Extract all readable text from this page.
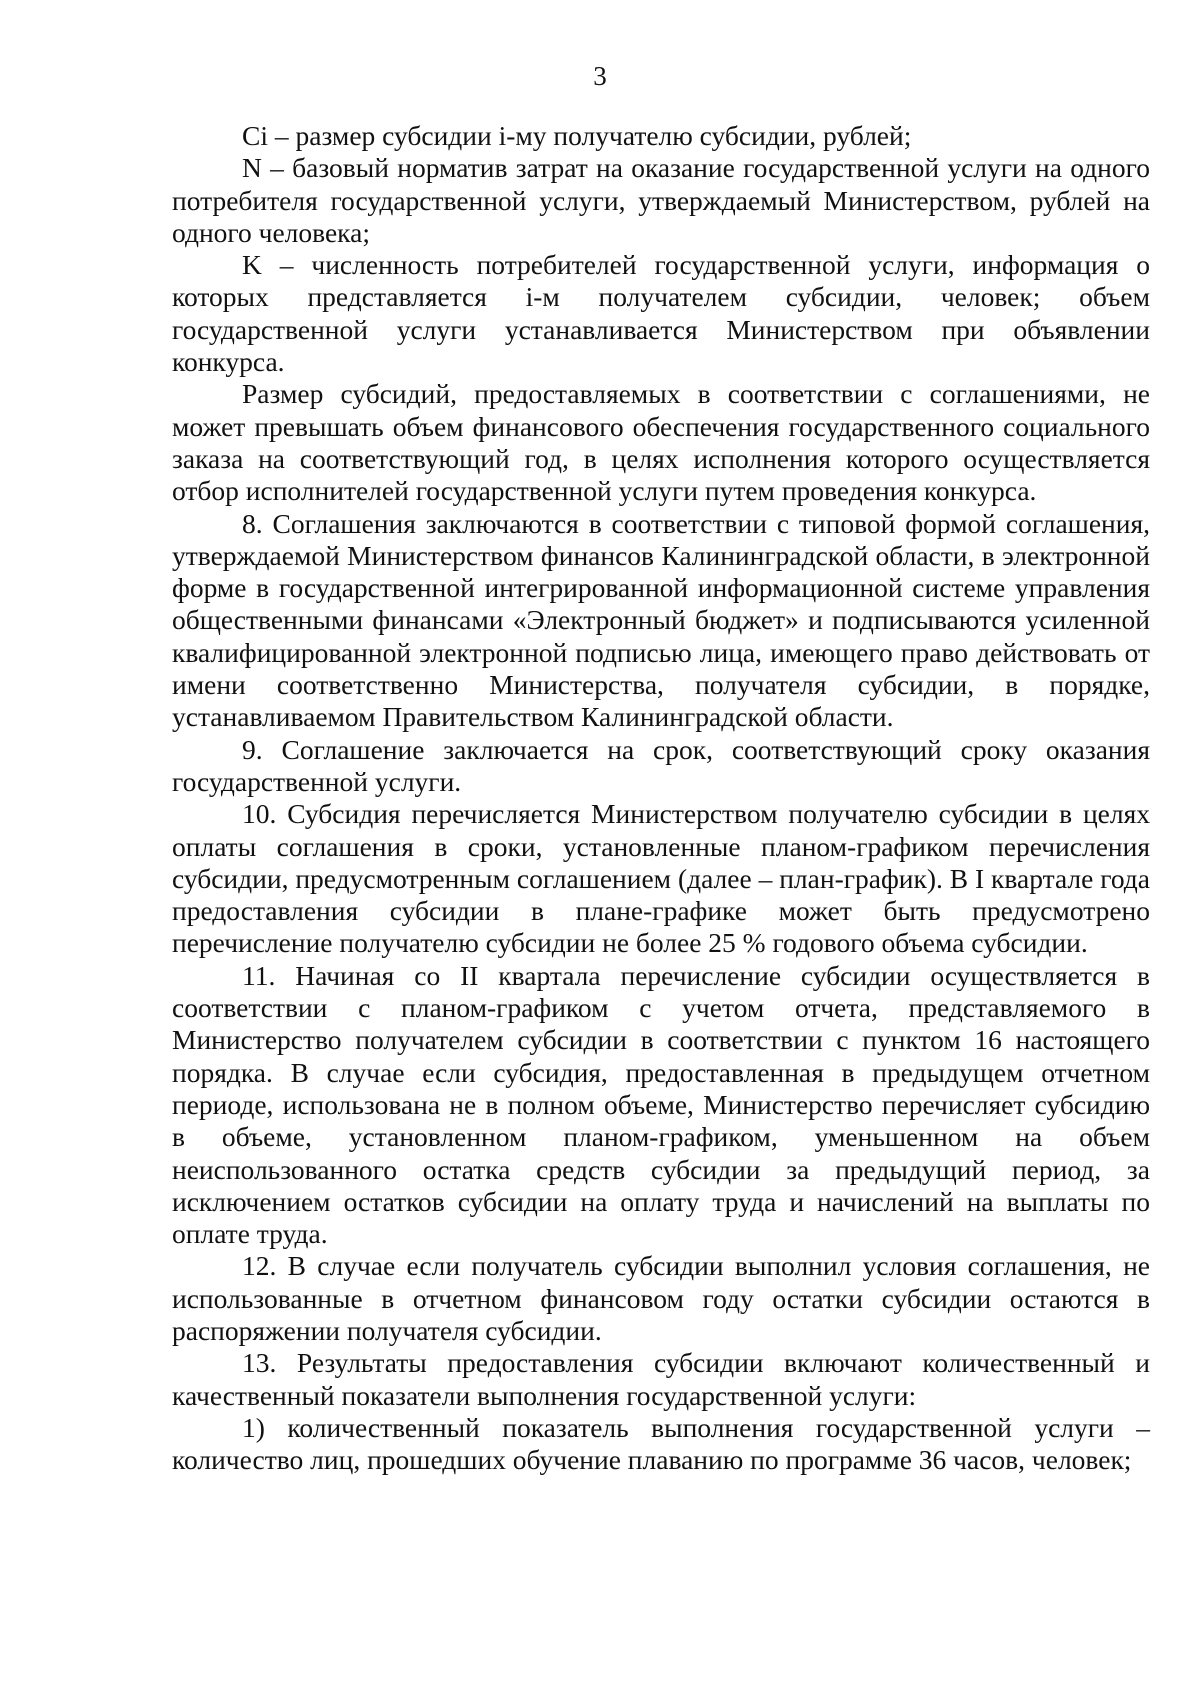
3

Ci – размер субсидии i-му получателю субсидии, рублей;

N – базовый норматив затрат на оказание государственной услуги на одного потребителя государственной услуги, утверждаемый Министерством, рублей на одного человека;

K – численность потребителей государственной услуги, информация о которых представляется i-м получателем субсидии, человек; объем государственной услуги устанавливается Министерством при объявлении конкурса.

Размер субсидий, предоставляемых в соответствии с соглашениями, не может превышать объем финансового обеспечения государственного социального заказа на соответствующий год, в целях исполнения которого осуществляется отбор исполнителей государственной услуги путем проведения конкурса.

8. Соглашения заключаются в соответствии с типовой формой соглашения, утверждаемой Министерством финансов Калининградской области, в электронной форме в государственной интегрированной информационной системе управления общественными финансами «Электронный бюджет» и подписываются усиленной квалифицированной электронной подписью лица, имеющего право действовать от имени соответственно Министерства, получателя субсидии, в порядке, устанавливаемом Правительством Калининградской области.

9. Соглашение заключается на срок, соответствующий сроку оказания государственной услуги.

10. Субсидия перечисляется Министерством получателю субсидии в целях оплаты соглашения в сроки, установленные планом-графиком перечисления субсидии, предусмотренным соглашением (далее – план-график). В I квартале года предоставления субсидии в плане-графике может быть предусмотрено перечисление получателю субсидии не более 25 % годового объема субсидии.

11. Начиная со II квартала перечисление субсидии осуществляется в соответствии с планом-графиком с учетом отчета, представляемого в Министерство получателем субсидии в соответствии с пунктом 16 настоящего порядка. В случае если субсидия, предоставленная в предыдущем отчетном периоде, использована не в полном объеме, Министерство перечисляет субсидию в объеме, установленном планом-графиком, уменьшенном на объем неиспользованного остатка средств субсидии за предыдущий период, за исключением остатков субсидии на оплату труда и начислений на выплаты по оплате труда.

12. В случае если получатель субсидии выполнил условия соглашения, не использованные в отчетном финансовом году остатки субсидии остаются в распоряжении получателя субсидии.

13. Результаты предоставления субсидии включают количественный и качественный показатели выполнения государственной услуги:

1) количественный показатель выполнения государственной услуги – количество лиц, прошедших обучение плаванию по программе 36 часов, человек;
